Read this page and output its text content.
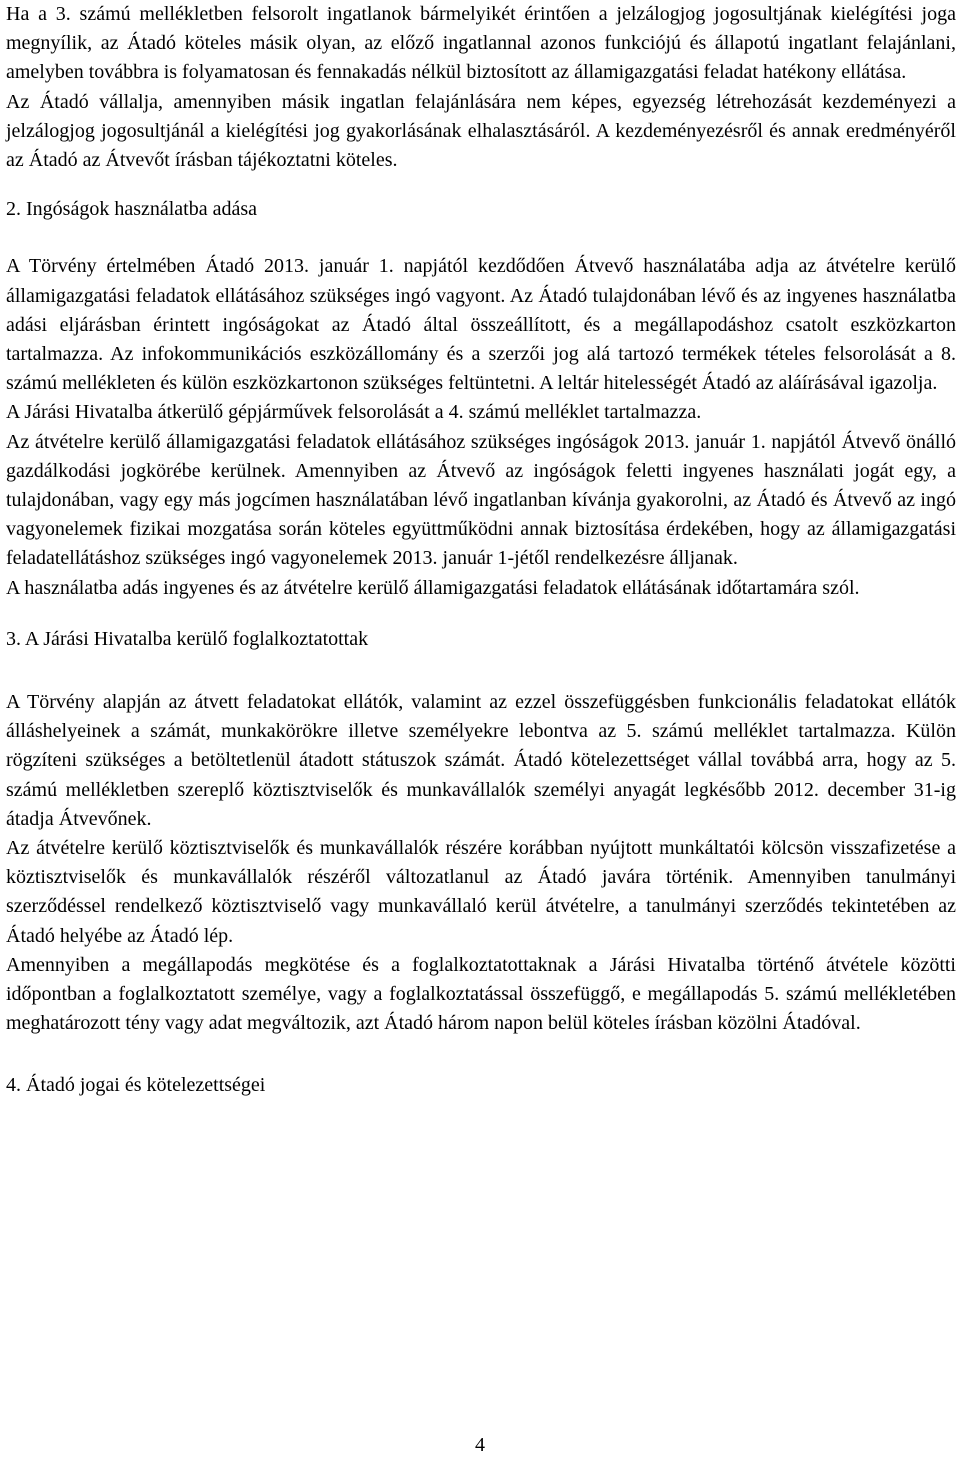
Ha a 3. számú mellékletben felsorolt ingatlanok bármelyikét érintően a jelzálogjog jogosultjának kielégítési joga megnyílik, az Átadó köteles másik olyan, az előző ingatlannal azonos funkciójú és állapotú ingatlant felajánlani, amelyben továbbra is folyamatosan és fennakadás nélkül biztosított az államigazgatási feladat hatékony ellátása.

Az Átadó vállalja, amennyiben másik ingatlan felajánlására nem képes, egyezség létrehozását kezdeményezi a jelzálogjog jogosultjánál a kielégítési jog gyakorlásának elhalasztásáról. A kezdeményezésről és annak eredményéről az Átadó az Átvevőt írásban tájékoztatni köteles.

2. Ingóságok használatba adása

A Törvény értelmében Átadó 2013. január 1. napjától kezdődően Átvevő használatába adja az átvételre kerülő államigazgatási feladatok ellátásához szükséges ingó vagyont. Az Átadó tulajdonában lévő és az ingyenes használatba adási eljárásban érintett ingóságokat az Átadó által összeállított, és a megállapodáshoz csatolt eszközkarton tartalmazza. Az infokommunikációs eszközállomány és a szerzői jog alá tartozó termékek tételes felsorolását a 8. számú mellékleten és külön eszközkartonon szükséges feltüntetni. A leltár hitelességét Átadó az aláírásával igazolja.

A Járási Hivatalba átkerülő gépjárművek felsorolását a 4. számú melléklet tartalmazza.

Az átvételre kerülő államigazgatási feladatok ellátásához szükséges ingóságok 2013. január 1. napjától Átvevő önálló gazdálkodási jogkörébe kerülnek. Amennyiben az Átvevő az ingóságok feletti ingyenes használati jogát egy, a tulajdonában, vagy egy más jogcímen használatában lévő ingatlanban kívánja gyakorolni, az Átadó és Átvevő az ingó vagyonelemek fizikai mozgatása során köteles együttműködni annak biztosítása érdekében, hogy az államigazgatási feladatellátáshoz szükséges ingó vagyonelemek 2013. január 1-jétől rendelkezésre álljanak.

A használatba adás ingyenes és az átvételre kerülő államigazgatási feladatok ellátásának időtartamára szól.

3. A Járási Hivatalba kerülő foglalkoztatottak

A Törvény alapján az átvett feladatokat ellátók, valamint az ezzel összefüggésben funkcionális feladatokat ellátók álláshelyeinek a számát, munkakörökre illetve személyekre lebontva az 5. számú melléklet tartalmazza. Külön rögzíteni szükséges a betöltetlenül átadott státuszok számát. Átadó kötelezettséget vállal továbbá arra, hogy az 5. számú mellékletben szereplő köztisztviselők és munkavállalók személyi anyagát legkésőbb 2012. december 31-ig átadja Átvevőnek.

Az átvételre kerülő köztisztviselők és munkavállalók részére korábban nyújtott munkáltatói kölcsön visszafizetése a köztisztviselők és munkavállalók részéről változatlanul az Átadó javára történik. Amennyiben tanulmányi szerződéssel rendelkező köztisztviselő vagy munkavállaló kerül átvételre, a tanulmányi szerződés tekintetében az Átadó helyébe az Átadó lép.

Amennyiben a megállapodás megkötése és a foglalkoztatottaknak a Járási Hivatalba történő átvétele közötti időpontban a foglalkoztatott személye, vagy a foglalkoztatással összefüggő, e megállapodás 5. számú mellékletében meghatározott tény vagy adat megváltozik, azt Átadó három napon belül köteles írásban közölni Átadóval.

4. Átadó jogai és kötelezettségei

4
